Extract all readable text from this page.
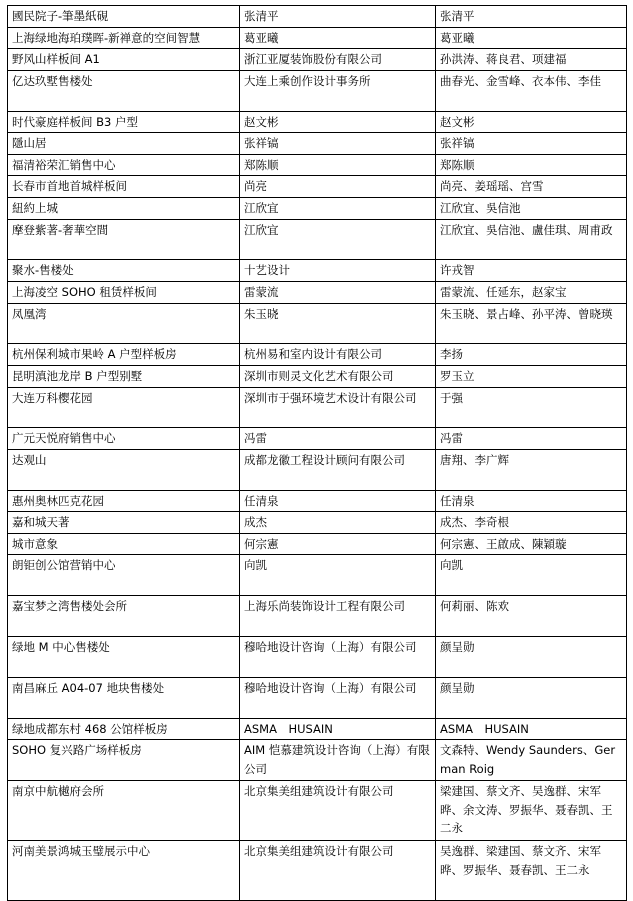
國民院子-筆墨紙硯	张清平	张清平
上海绿地海珀璞晖-新禅意的空间智慧	葛亚曦	葛亚曦
野风山样板间 A1	浙江亚厦装饰股份有限公司	孙洪涛、蒋良君、项建福
亿达玖墅售楼处	大连上乘创作设计事务所	曲春光、金雪峰、衣本伟、李佳
时代豪庭样板间 B3 户型	赵文彬	赵文彬
隱山居	张祥镐	张祥镐
福清裕荣汇销售中心	郑陈顺	郑陈顺
长春市首地首城样板间	尚亮	尚亮、姜瑶瑶、宫雪
紐約上城	江欣宜	江欣宜、吳信池
摩登紫著-奢華空間	江欣宜	江欣宜、吳信池、盧佳琪、周甫政
聚水-售楼处	十艺设计	许戎智
上海凌空 SOHO 租赁样板间	雷蒙流	雷蒙流、任延东，赵家宝
凤凰湾	朱玉晓	朱玉晓、景占峰、孙平涛、曾晓瑛
杭州保利城市果岭 A 户型样板房	杭州易和室内设计有限公司	李扬
昆明滇池龙岸 B 户型别墅	深圳市则灵文化艺术有限公司	罗玉立
大连万科樱花园	深圳市于强环境艺术设计有限公司	于强
广元天悦府销售中心	冯雷	冯雷
达观山	成都龙徽工程设计顾问有限公司	唐翔、李广辉
惠州奥林匹克花园	任清泉	任清泉
嘉和城天著	成杰	成杰、李奇根
城市意象	何宗憲	何宗憲、王啟成、陳穎璇
朗钜创公馆营销中心	向凯	向凯
嘉宝梦之湾售楼处会所	上海乐尚装饰设计工程有限公司	何莉丽、陈欢
绿地 M 中心售楼处	穆哈地设计咨询（上海）有限公司	颜呈勋
南昌麻丘 A04-07 地块售楼处	穆哈地设计咨询（上海）有限公司	颜呈勋
绿地成都东村 468 公馆样板房	ASMA　HUSAIN	ASMA　HUSAIN
SOHO 复兴路广场样板房	AIM 恺慕建筑设计咨询（上海）有限公司	文森特、Wendy Saunders、German Roig
南京中航樾府会所	北京集美组建筑设计有限公司	梁建国、蔡文齐、吴逸群、宋军晔、余文涛、罗振华、聂春凯、王二永
河南美景鸿城玉璧展示中心	北京集美组建筑设计有限公司	吴逸群、梁建国、蔡文齐、宋军晔、罗振华、聂春凯、王二永
